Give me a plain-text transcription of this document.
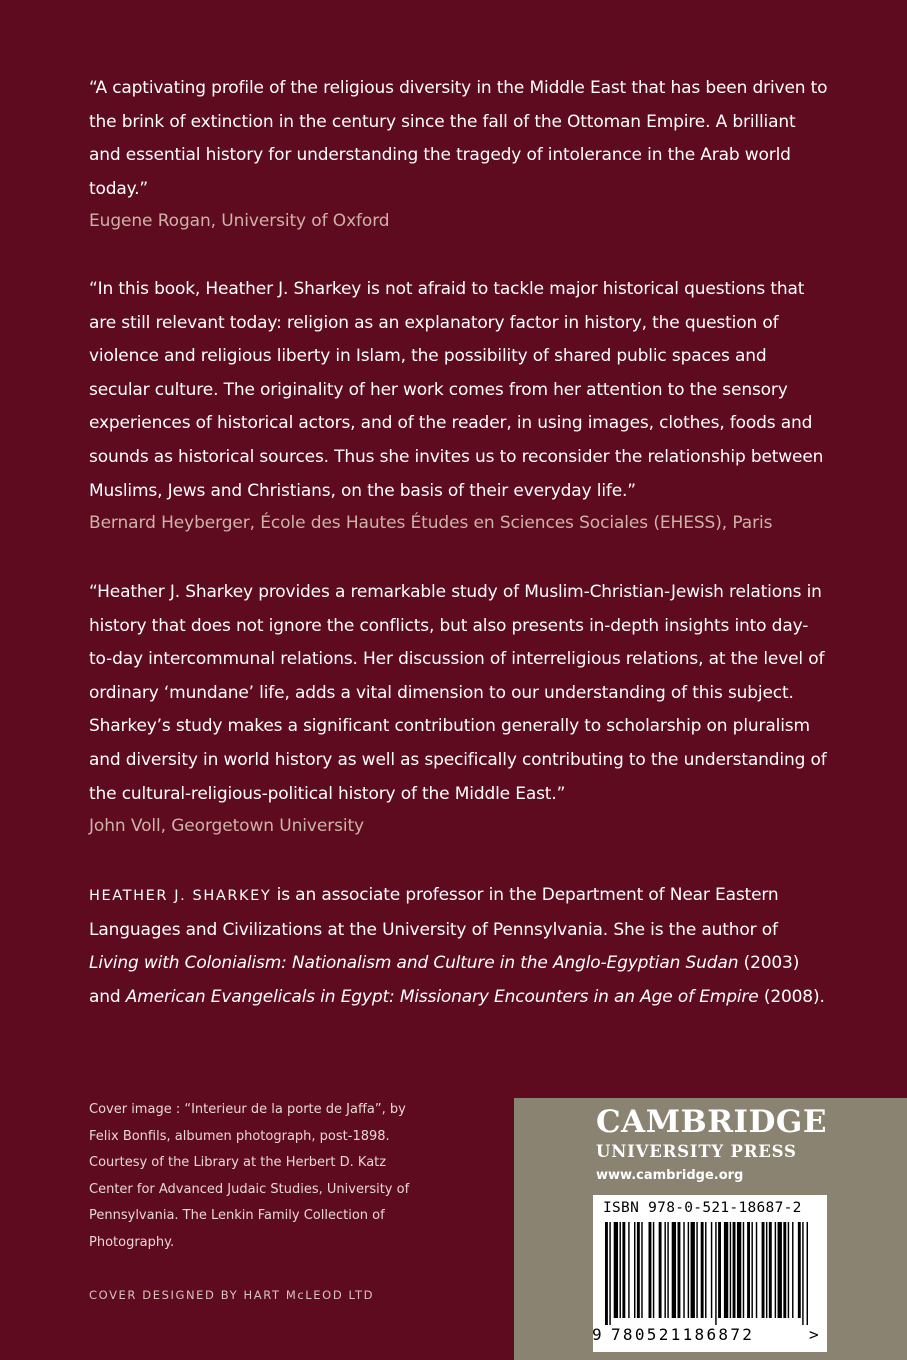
“A captivating profile of the religious diversity in the Middle East that has been driven to the brink of extinction in the century since the fall of the Ottoman Empire. A brilliant and essential history for understanding the tragedy of intolerance in the Arab world today.”

Eugene Rogan, University of Oxford

“In this book, Heather J. Sharkey is not afraid to tackle major historical questions that are still relevant today: religion as an explanatory factor in history, the question of violence and religious liberty in Islam, the possibility of shared public spaces and secular culture. The originality of her work comes from her attention to the sensory experiences of historical actors, and of the reader, in using images, clothes, foods and sounds as historical sources. Thus she invites us to reconsider the relationship between Muslims, Jews and Christians, on the basis of their everyday life.”

Bernard Heyberger, École des Hautes Études en Sciences Sociales (EHESS), Paris

“Heather J. Sharkey provides a remarkable study of Muslim-Christian-Jewish relations in history that does not ignore the conflicts, but also presents in-depth insights into day-to-day intercommunal relations. Her discussion of interreligious relations, at the level of ordinary ‘mundane’ life, adds a vital dimension to our understanding of this subject. Sharkey’s study makes a significant contribution generally to scholarship on pluralism and diversity in world history as well as specifically contributing to the understanding of the cultural-religious-political history of the Middle East.”

John Voll, Georgetown University

HEATHER J. SHARKEY is an associate professor in the Department of Near Eastern Languages and Civilizations at the University of Pennsylvania. She is the author of Living with Colonialism: Nationalism and Culture in the Anglo-Egyptian Sudan (2003) and American Evangelicals in Egypt: Missionary Encounters in an Age of Empire (2008).

Cover image : “Interieur de la porte de Jaffa”, by Felix Bonfils, albumen photograph, post-1898. Courtesy of the Library at the Herbert D. Katz Center for Advanced Judaic Studies, University of Pennsylvania. The Lenkin Family Collection of Photography.
COVER DESIGNED BY HART McLEOD LTD
CAMBRIDGE
UNIVERSITY PRESS
www.cambridge.org
ISBN 978-0-521-18687-2
9 780521186872	>
